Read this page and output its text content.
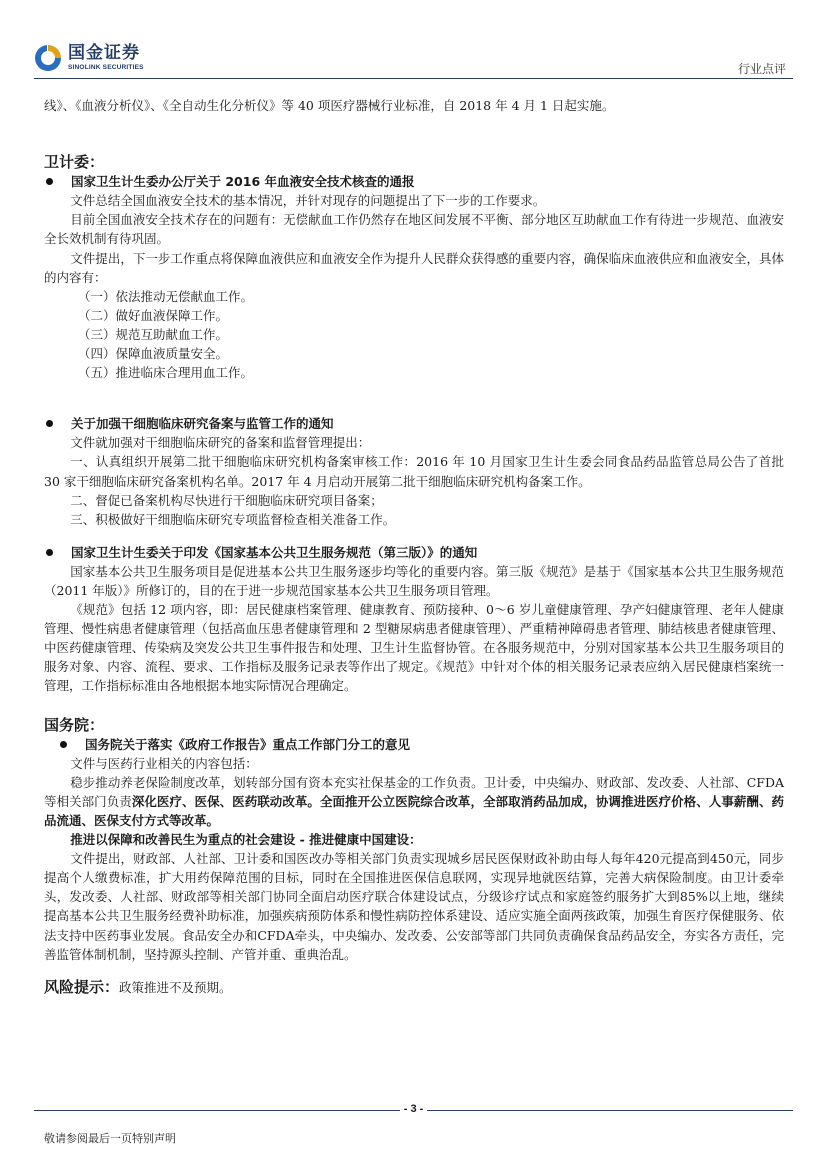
国金证券
SINOLINK SECURITIES	行业点评

线》、《血液分析仪》、《全自动生化分析仪》等 40 项医疗器械行业标准，自 2018 年 4 月 1 日起实施。

卫计委：

国家卫生计生委办公厅关于 2016 年血液安全技术核查的通报

文件总结全国血液安全技术的基本情况，并针对现存的问题提出了下一步的工作要求。

目前全国血液安全技术存在的问题有：无偿献血工作仍然存在地区间发展不平衡、部分地区互助献血工作有待进一步规范、血液安全长效机制有待巩固。

文件提出，下一步工作重点将保障血液供应和血液安全作为提升人民群众获得感的重要内容，确保临床血液供应和血液安全，具体的内容有：

（一）依法推动无偿献血工作。

（二）做好血液保障工作。

（三）规范互助献血工作。

（四）保障血液质量安全。

（五）推进临床合理用血工作。

关于加强干细胞临床研究备案与监管工作的通知

文件就加强对干细胞临床研究的备案和监督管理提出：

一、认真组织开展第二批干细胞临床研究机构备案审核工作：2016 年 10 月国家卫生计生委会同食品药品监管总局公告了首批 30 家干细胞临床研究备案机构名单。2017 年 4 月启动开展第二批干细胞临床研究机构备案工作。

二、督促已备案机构尽快进行干细胞临床研究项目备案；

三、积极做好干细胞临床研究专项监督检查相关准备工作。

国家卫生计生委关于印发《国家基本公共卫生服务规范（第三版）》的通知

国家基本公共卫生服务项目是促进基本公共卫生服务逐步均等化的重要内容。第三版《规范》是基于《国家基本公共卫生服务规范（2011 年版）》所修订的，目的在于进一步规范国家基本公共卫生服务项目管理。

《规范》包括 12 项内容，即：居民健康档案管理、健康教育、预防接种、0～6 岁儿童健康管理、孕产妇健康管理、老年人健康管理、慢性病患者健康管理（包括高血压患者健康管理和 2 型糖尿病患者健康管理）、严重精神障碍患者管理、肺结核患者健康管理、中医药健康管理、传染病及突发公共卫生事件报告和处理、卫生计生监督协管。在各服务规范中，分别对国家基本公共卫生服务项目的服务对象、内容、流程、要求、工作指标及服务记录表等作出了规定。《规范》中针对个体的相关服务记录表应纳入居民健康档案统一管理，工作指标标准由各地根据本地实际情况合理确定。

国务院：

国务院关于落实《政府工作报告》重点工作部门分工的意见

文件与医药行业相关的内容包括：

稳步推动养老保险制度改革，划转部分国有资本充实社保基金的工作负责。卫计委，中央编办、财政部、发改委、人社部、CFDA等相关部门负责深化医疗、医保、医药联动改革。全面推开公立医院综合改革，全部取消药品加成，协调推进医疗价格、人事薪酬、药品流通、医保支付方式等改革。

推进以保障和改善民生为重点的社会建设 - 推进健康中国建设：

文件提出，财政部、人社部、卫计委和国医改办等相关部门负责实现城乡居民医保财政补助由每人每年420元提高到450元，同步提高个人缴费标准，扩大用药保障范围的目标，同时在全国推进医保信息联网，实现异地就医结算，完善大病保险制度。由卫计委牵头，发改委、人社部、财政部等相关部门协同全面启动医疗联合体建设试点，分级诊疗试点和家庭签约服务扩大到85%以上地，继续提高基本公共卫生服务经费补助标准，加强疾病预防体系和慢性病防控体系建设、适应实施全面两孩政策，加强生育医疗保健服务、依法支持中医药事业发展。食品安全办和CFDA牵头，中央编办、发改委、公安部等部门共同负责确保食品药品安全，夯实各方责任，完善监管体制机制，坚持源头控制、产管并重、重典治乱。

风险提示：政策推进不及预期。

- 3 -
敬请参阅最后一页特别声明
